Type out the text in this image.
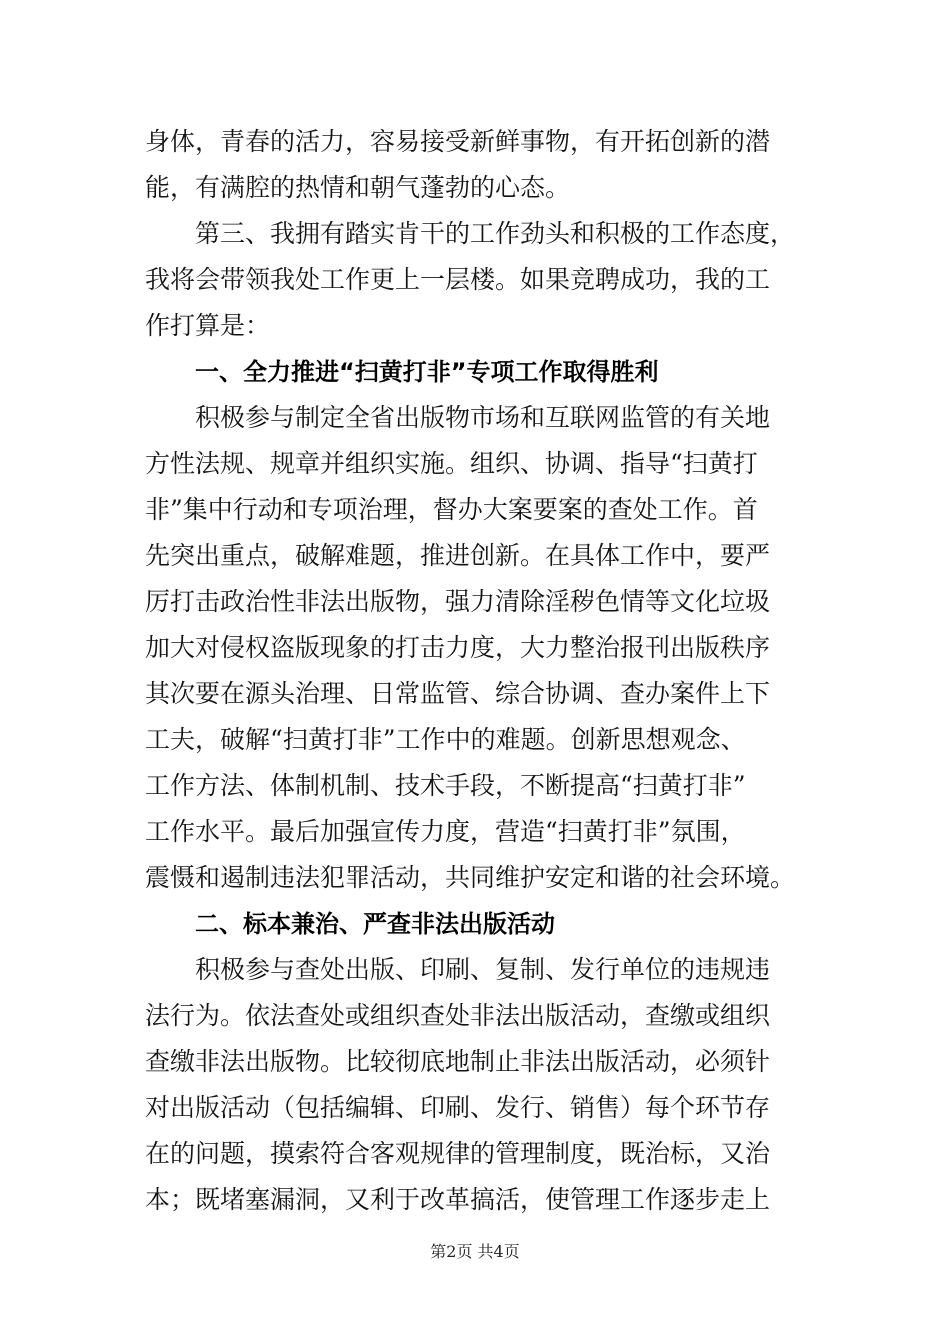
身体，青春的活力，容易接受新鲜事物，有开拓创新的潜
能，有满腔的热情和朝气蓬勃的心态。
第三、我拥有踏实肯干的工作劲头和积极的工作态度，
我将会带领我处工作更上一层楼。如果竞聘成功，我的工
作打算是：
一、全力推进“扫黄打非”专项工作取得胜利
积极参与制定全省出版物市场和互联网监管的有关地
方性法规、规章并组织实施。组织、协调、指导“扫黄打
非”集中行动和专项治理，督办大案要案的查处工作。首
先突出重点，破解难题，推进创新。在具体工作中，要严
厉打击政治性非法出版物，强力清除淫秽色情等文化垃圾
加大对侵权盗版现象的打击力度，大力整治报刊出版秩序
其次要在源头治理、日常监管、综合协调、查办案件上下
工夫，破解“扫黄打非”工作中的难题。创新思想观念、
工作方法、体制机制、技术手段，不断提高“扫黄打非”
工作水平。最后加强宣传力度，营造“扫黄打非”氛围，
震慑和遏制违法犯罪活动，共同维护安定和谐的社会环境。
二、标本兼治、严查非法出版活动
积极参与查处出版、印刷、复制、发行单位的违规违
法行为。依法查处或组织查处非法出版活动，查缴或组织
查缴非法出版物。比较彻底地制止非法出版活动，必须针
对出版活动（包括编辑、印刷、发行、销售）每个环节存
在的问题，摸索符合客观规律的管理制度，既治标，又治
本；既堵塞漏洞，又利于改革搞活，使管理工作逐步走上
第2页 共4页
